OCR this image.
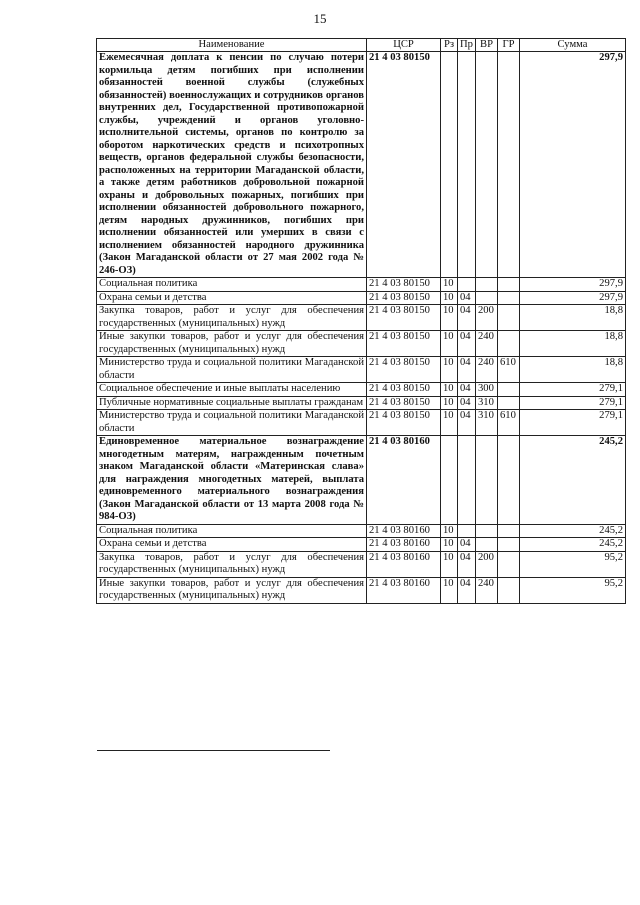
15
Наименование	ЦСР	Рз	Пр	ВР	ГР	Сумма
Ежемесячная доплата к пенсии по случаю потери кормильца детям погибших при исполнении обязанностей военной службы (служебных обязанностей) военнослужащих и сотрудников органов внутренних дел, Государственной противопожарной службы, учреждений и органов уголовно-исполнительной системы, органов по контролю за оборотом наркотических средств и психотропных веществ, органов федеральной службы безопасности, расположенных на территории Магаданской области, а также детям работников добровольной пожарной охраны и добровольных пожарных, погибших при исполнении обязанностей добровольного пожарного, детям народных дружинников, погибших при исполнении обязанностей или умерших в связи с исполнением обязанностей народного дружинника (Закон Магаданской области от 27 мая 2002 года № 246-ОЗ)	21 4 03 80150					297,9
Социальная политика	21 4 03 80150	10				297,9
Охрана семьи и детства	21 4 03 80150	10	04			297,9
Закупка товаров, работ и услуг для обеспечения государственных (муниципальных) нужд	21 4 03 80150	10	04	200		18,8
Иные закупки товаров, работ и услуг для обеспечения государственных (муниципальных) нужд	21 4 03 80150	10	04	240		18,8
Министерство труда и социальной политики Магаданской области	21 4 03 80150	10	04	240	610	18,8
Социальное обеспечение и иные выплаты населению	21 4 03 80150	10	04	300		279,1
Публичные нормативные социальные выплаты гражданам	21 4 03 80150	10	04	310		279,1
Министерство труда и социальной политики Магаданской области	21 4 03 80150	10	04	310	610	279,1
Единовременное материальное вознаграждение многодетным матерям, награжденным почетным знаком Магаданской области «Материнская слава» для награждения многодетных матерей, выплата единовременного материального вознаграждения (Закон Магаданской области от 13 марта 2008 года № 984-ОЗ)	21 4 03 80160					245,2
Социальная политика	21 4 03 80160	10				245,2
Охрана семьи и детства	21 4 03 80160	10	04			245,2
Закупка товаров, работ и услуг для обеспечения государственных (муниципальных) нужд	21 4 03 80160	10	04	200		95,2
Иные закупки товаров, работ и услуг для обеспечения государственных (муниципальных) нужд	21 4 03 80160	10	04	240		95,2
